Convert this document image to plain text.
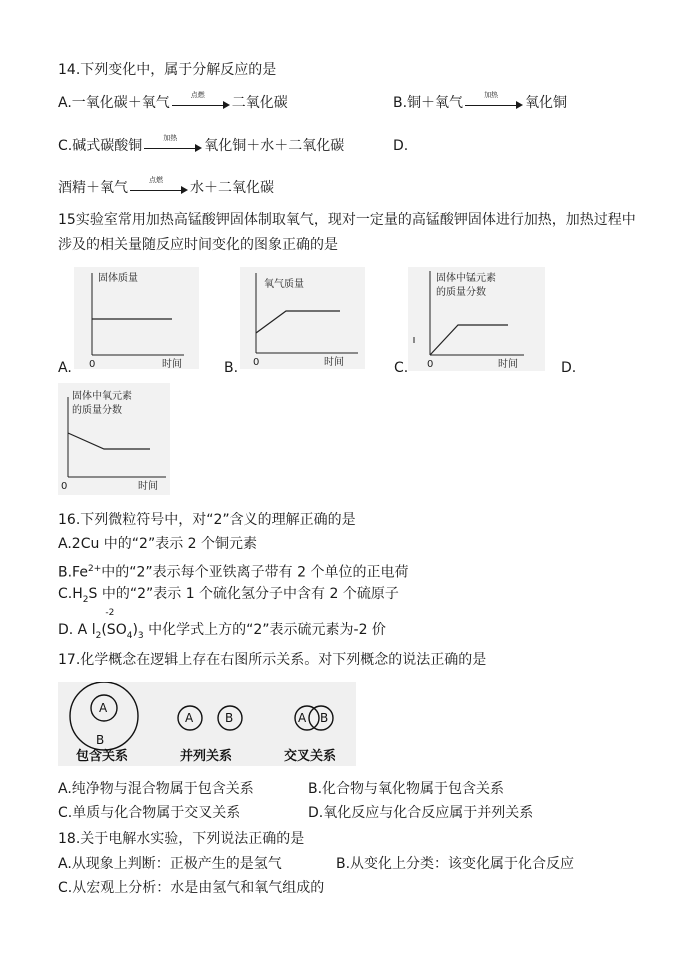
14.下列变化中，属于分解反应的是
A.一氧化碳＋氧气	点燃	二氧化碳	B.铜＋氧气	加热	氧化铜
C.碱式碳酸铜	加热	氧化铜＋水＋二氧化碳	D.
酒精＋氧气	点燃	水＋二氧化碳
15实验室常用加热高锰酸钾固体制取氧气，现对一定量的高锰酸钾固体进行加热，加热过程中
涉及的相关量随反应时间变化的图象正确的是
固体质量
0	时间
A.
氧气质量
0	时间
B.
固体中锰元素
的质量分数
0	时间
C.	D.
固体中氧元素
的质量分数
0	时间
16.下列微粒符号中，对“2”含义的理解正确的是
A.2Cu 中的“2”表示 2 个铜元素
$B.Fe^{2+}$中的“2”表示每个亚铁离子带有 2 个单位的正电荷
$C.H_2S$ 中的“2”表示 1 个硫化氢分子中含有 2 个硫原子
D. A $l_2$
-2
$(SO_4)_3$ 中化学式上方的“2”表示硫元素为-2 价
17.化学概念在逻辑上存在右图所示关系。对下列概念的说法正确的是
A
B
包含关系
A	B
并列关系
A B
交叉关系
A.纯净物与混合物属于包含关系	B.化合物与氧化物属于包含关系
C.单质与化合物属于交叉关系	D.氧化反应与化合反应属于并列关系
18.关于电解水实验，下列说法正确的是
A.从现象上判断：正极产生的是氢气	B.从变化上分类：该变化属于化合反应
C.从宏观上分析：水是由氢气和氧气组成的
